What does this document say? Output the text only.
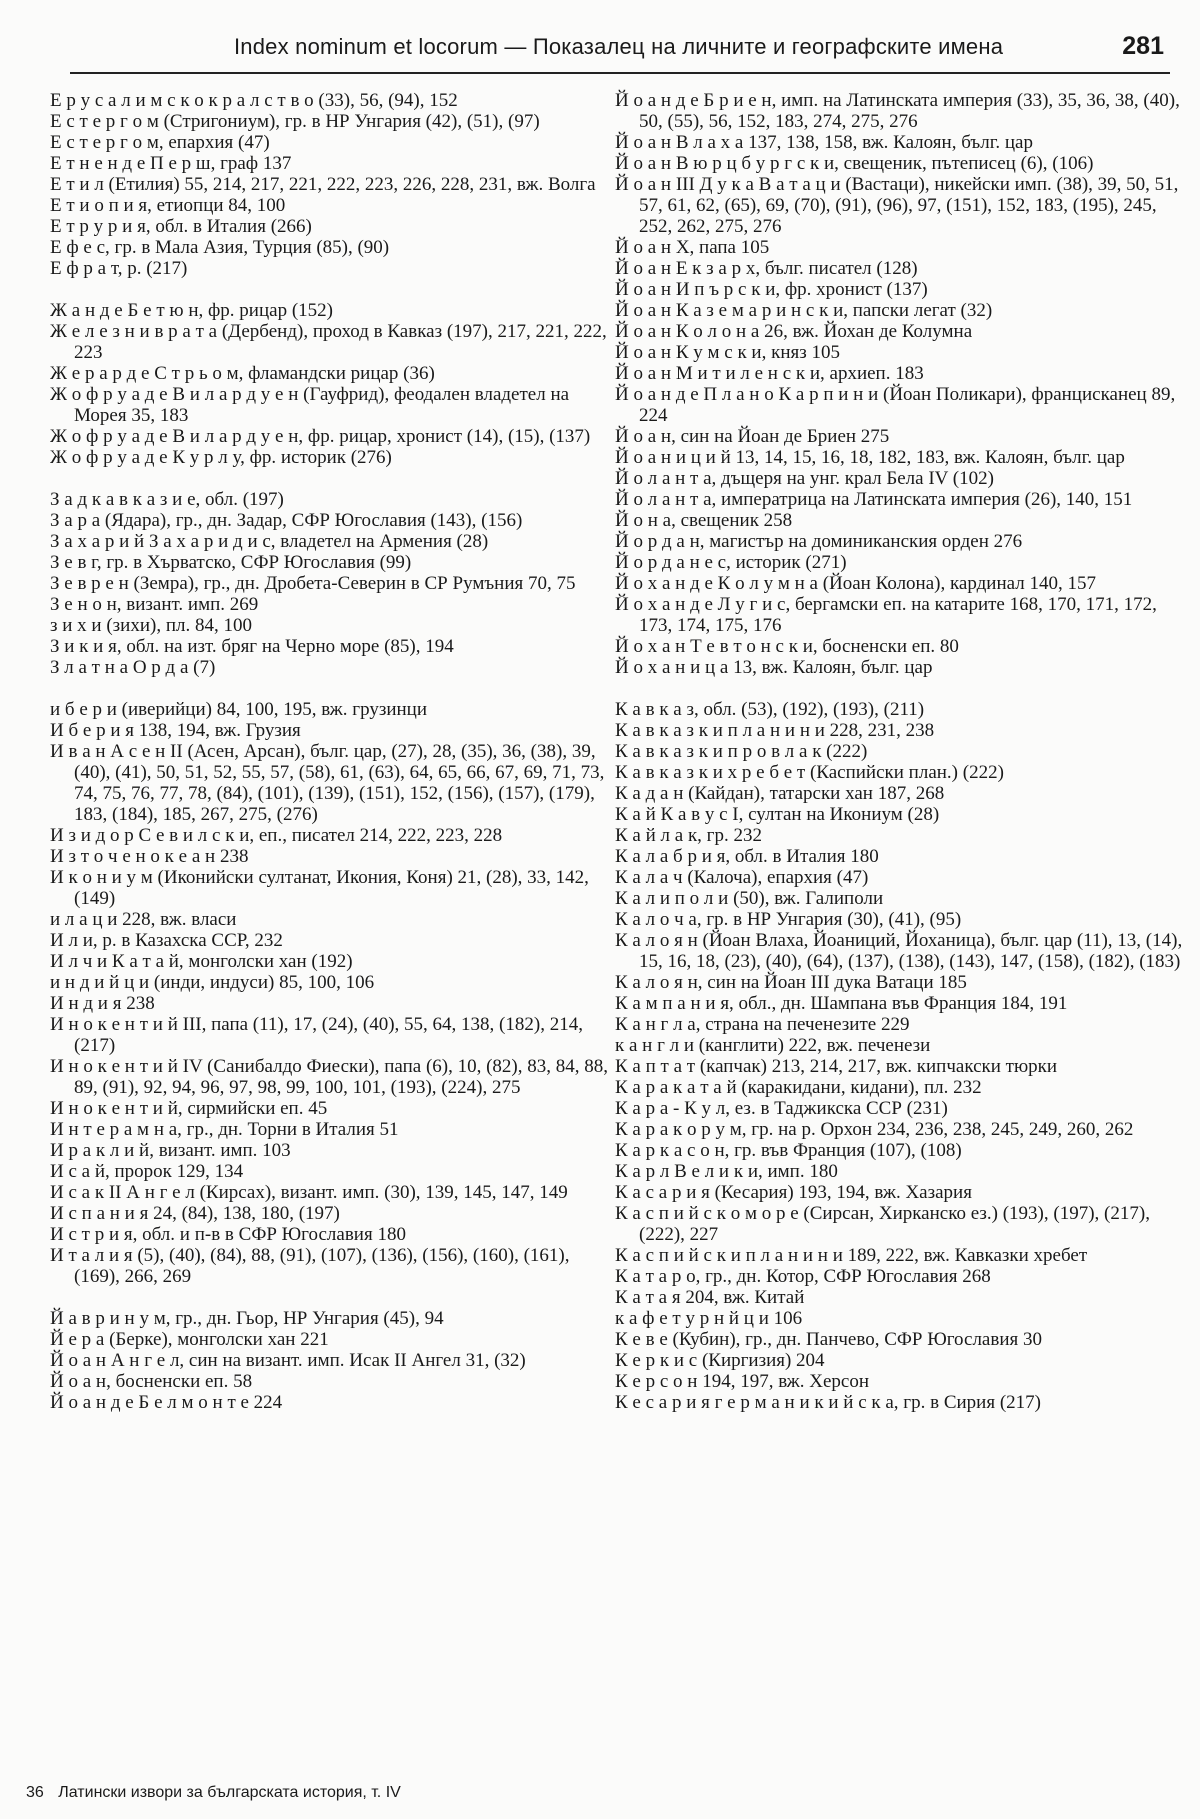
Index nominum et locorum — Показалец на личните и географските имена	281
Е р у с а л и м с к о к р а л с т в о (33), 56, (94), 152
Е с т е р г о м (Стригониум), гр. в НР Унгария (42), (51), (97)
Е с т е р г о м, епархия (47)
Е т н е н д е П е р ш, граф 137
Е т и л (Етилия) 55, 214, 217, 221, 222, 223, 226, 228, 231, вж. Волга
Е т и о п и я, етиопци 84, 100
Е т р у р и я, обл. в Италия (266)
Е ф е с, гр. в Мала Азия, Турция (85), (90)
Е ф р а т, р. (217)
Ж а н д е Б е т ю н, фр. рицар (152)
Ж е л е з н и в р а т а (Дербенд), проход в Кавказ (197), 217, 221, 222, 223
Ж е р а р д е С т р ь о м, фламандски рицар (36)
Ж о ф р у а д е В и л а р д у е н (Гауфрид), феодален владетел на Морея 35, 183
Ж о ф р у а д е В и л а р д у е н, фр. рицар, хронист (14), (15), (137)
Ж о ф р у а д е К у р л у, фр. историк (276)
З а д к а в к а з и е, обл. (197)
З а р а (Ядара), гр., дн. Задар, СФР Югославия (143), (156)
З а х а р и й З а х а р и д и с, владетел на Армения (28)
З е в г, гр. в Хърватско, СФР Югославия (99)
З е в р е н (Земра), гр., дн. Дробета-Северин в СР Румъния 70, 75
З е н о н, визант. имп. 269
з и х и (зихи), пл. 84, 100
З и к и я, обл. на изт. бряг на Черно море (85), 194
З л а т н а О р д а (7)
и б е р и (иверийци) 84, 100, 195, вж. грузинци
И б е р и я 138, 194, вж. Грузия
И в а н А с е н II (Асен, Арсан), бълг. цар, (27), 28, (35), 36, (38), 39, (40), (41), 50, 51, 52, 55, 57, (58), 61, (63), 64, 65, 66, 67, 69, 71, 73, 74, 75, 76, 77, 78, (84), (101), (139), (151), 152, (156), (157), (179), 183, (184), 185, 267, 275, (276)
И з и д о р С е в и л с к и, еп., писател 214, 222, 223, 228
И з т о ч е н о к е а н 238
И к о н и у м (Иконийски султанат, Икония, Коня) 21, (28), 33, 142, (149)
и л а ц и 228, вж. власи
И л и, р. в Казахска ССР, 232
И л ч и К а т а й, монголски хан (192)
и н д и й ц и (инди, индуси) 85, 100, 106
И н д и я 238
И н о к е н т и й III, папа (11), 17, (24), (40), 55, 64, 138, (182), 214, (217)
И н о к е н т и й IV (Санибалдо Фиески), папа (6), 10, (82), 83, 84, 88, 89, (91), 92, 94, 96, 97, 98, 99, 100, 101, (193), (224), 275
И н о к е н т и й, сирмийски еп. 45
И н т е р а м н а, гр., дн. Торни в Италия 51
И р а к л и й, визант. имп. 103
И с а й, пророк 129, 134
И с а к II А н г е л (Кирсах), визант. имп. (30), 139, 145, 147, 149
И с п а н и я 24, (84), 138, 180, (197)
И с т р и я, обл. и п-в в СФР Югославия 180
И т а л и я (5), (40), (84), 88, (91), (107), (136), (156), (160), (161), (169), 266, 269
Й а в р и н у м, гр., дн. Гьор, НР Унгария (45), 94
Й е р а (Берке), монголски хан 221
Й о а н А н г е л, син на визант. имп. Исак II Ангел 31, (32)
Й о а н, босненски еп. 58
Й о а н д е Б е л м о н т е 224
Й о а н д е Б р и е н, имп. на Латинската империя (33), 35, 36, 38, (40), 50, (55), 56, 152, 183, 274, 275, 276
Й о а н В л а х а 137, 138, 158, вж. Калоян, бълг. цар
Й о а н В ю р ц б у р г с к и, свещеник, пътеписец (6), (106)
Й о а н III Д у к а В а т а ц и (Вастаци), никейски имп. (38), 39, 50, 51, 57, 61, 62, (65), 69, (70), (91), (96), 97, (151), 152, 183, (195), 245, 252, 262, 275, 276
Й о а н X, папа 105
Й о а н Е к з а р х, бълг. писател (128)
Й о а н И п ъ р с к и, фр. хронист (137)
Й о а н К а з е м а р и н с к и, папски легат (32)
Й о а н К о л о н а 26, вж. Йохан де Колумна
Й о а н К у м с к и, княз 105
Й о а н М и т и л е н с к и, архиеп. 183
Й о а н д е П л а н о К а р п и н и (Йоан Поликари), францисканец 89, 224
Й о а н, син на Йоан де Бриен 275
Й о а н и ц и й 13, 14, 15, 16, 18, 182, 183, вж. Калоян, бълг. цар
Й о л а н т а, дъщеря на унг. крал Бела IV (102)
Й о л а н т а, императрица на Латинската империя (26), 140, 151
Й о н а, свещеник 258
Й о р д а н, магистър на доминиканския орден 276
Й о р д а н е с, историк (271)
Й о х а н д е К о л у м н а (Йоан Колона), кардинал 140, 157
Й о х а н д е Л у г и с, бергамски еп. на катарите 168, 170, 171, 172, 173, 174, 175, 176
Й о х а н Т е в т о н с к и, босненски еп. 80
Й о х а н и ц а 13, вж. Калоян, бълг. цар
К а в к а з, обл. (53), (192), (193), (211)
К а в к а з к и п л а н и н и 228, 231, 238
К а в к а з к и п р о в л а к (222)
К а в к а з к и х р е б е т (Каспийски план.) (222)
К а д а н (Кайдан), татарски хан 187, 268
К а й К а в у с I, султан на Икониум (28)
К а й л а к, гр. 232
К а л а б р и я, обл. в Италия 180
К а л а ч (Калоча), епархия (47)
К а л и п о л и (50), вж. Галиполи
К а л о ч а, гр. в НР Унгария (30), (41), (95)
К а л о я н (Йоан Влаха, Йоаниций, Йоханица), бълг. цар (11), 13, (14), 15, 16, 18, (23), (40), (64), (137), (138), (143), 147, (158), (182), (183)
К а л о я н, син на Йоан III дука Ватаци 185
К а м п а н и я, обл., дн. Шампана във Франция 184, 191
К а н г л а, страна на печенезите 229
к а н г л и (канглити) 222, вж. печенези
К а п т а т (капчак) 213, 214, 217, вж. кипчакски тюрки
К а р а к а т а й (каракидани, кидани), пл. 232
К а р а - К у л, ез. в Таджикска ССР (231)
К а р а к о р у м, гр. на р. Орхон 234, 236, 238, 245, 249, 260, 262
К а р к а с о н, гр. във Франция (107), (108)
К а р л В е л и к и, имп. 180
К а с а р и я (Кесария) 193, 194, вж. Хазария
К а с п и й с к о м о р е (Сирсан, Хирканско ез.) (193), (197), (217), (222), 227
К а с п и й с к и п л а н и н и 189, 222, вж. Кавказки хребет
К а т а р о, гр., дн. Котор, СФР Югославия 268
К а т а я 204, вж. Китай
к а ф е т у р н й ц и 106
К е в е (Кубин), гр., дн. Панчево, СФР Югославия 30
К е р к и с (Киргизия) 204
К е р с о н 194, 197, вж. Херсон
К е с а р и я г е р м а н и к и й с к а, гр. в Сирия (217)
36 Латински извори за българската история, т. IV
